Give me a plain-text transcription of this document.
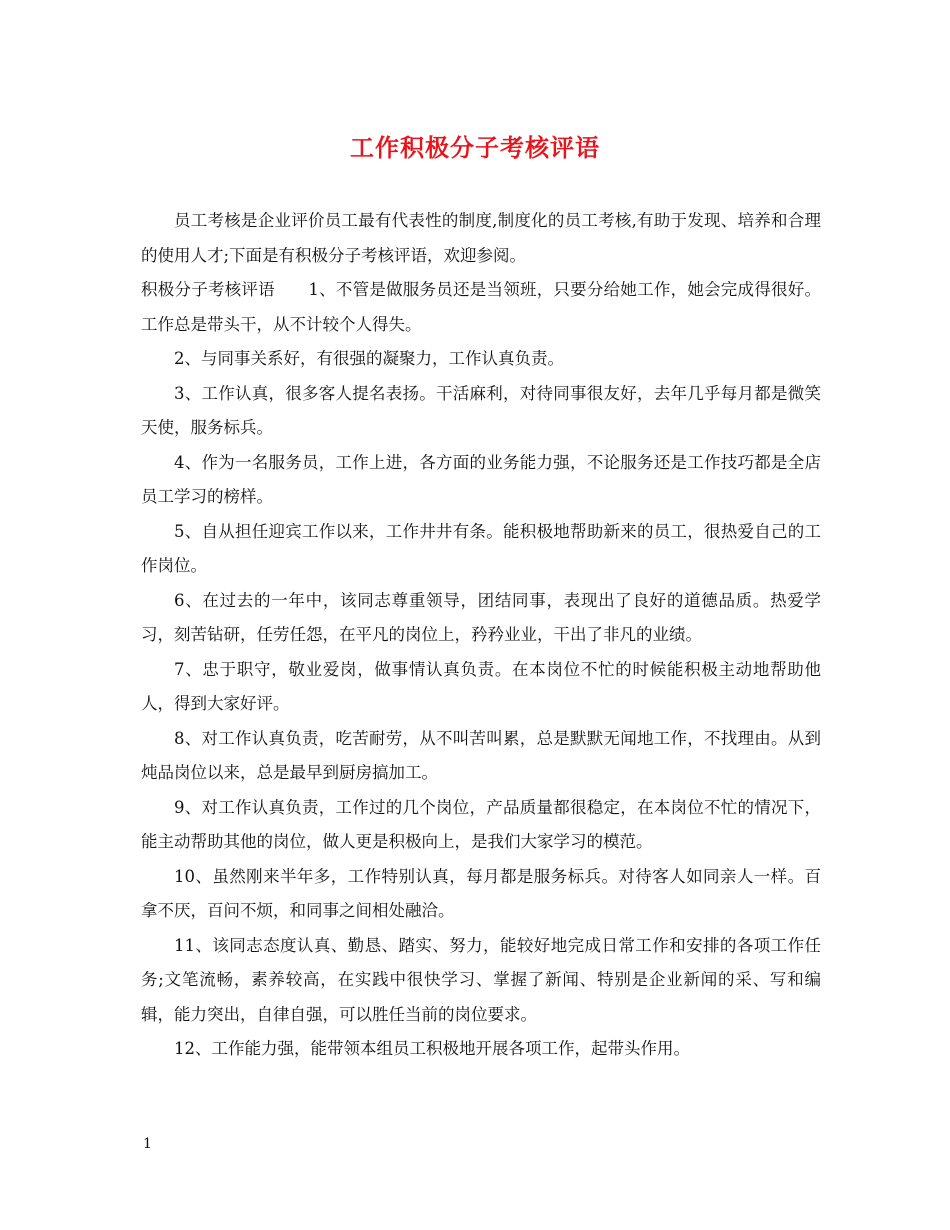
工作积极分子考核评语

员工考核是企业评价员工最有代表性的制度,制度化的员工考核,有助于发现、培养和合理的使用人才;下面是有积极分子考核评语，欢迎参阅。

积极分子考核评语　　1、不管是做服务员还是当领班，只要分给她工作，她会完成得很好。工作总是带头干，从不计较个人得失。

2、与同事关系好，有很强的凝聚力，工作认真负责。

3、工作认真，很多客人提名表扬。干活麻利，对待同事很友好，去年几乎每月都是微笑天使，服务标兵。

4、作为一名服务员，工作上进，各方面的业务能力强，不论服务还是工作技巧都是全店员工学习的榜样。

5、自从担任迎宾工作以来，工作井井有条。能积极地帮助新来的员工，很热爱自己的工作岗位。

6、在过去的一年中，该同志尊重领导，团结同事，表现出了良好的道德品质。热爱学习，刻苦钻研，任劳任怨，在平凡的岗位上，矜矜业业，干出了非凡的业绩。

7、忠于职守，敬业爱岗，做事情认真负责。在本岗位不忙的时候能积极主动地帮助他人，得到大家好评。

8、对工作认真负责，吃苦耐劳，从不叫苦叫累，总是默默无闻地工作，不找理由。从到炖品岗位以来，总是最早到厨房搞加工。

9、对工作认真负责，工作过的几个岗位，产品质量都很稳定，在本岗位不忙的情况下，能主动帮助其他的岗位，做人更是积极向上，是我们大家学习的模范。

10、虽然刚来半年多，工作特别认真，每月都是服务标兵。对待客人如同亲人一样。百拿不厌，百问不烦，和同事之间相处融洽。

11、该同志态度认真、勤恳、踏实、努力，能较好地完成日常工作和安排的各项工作任务;文笔流畅，素养较高，在实践中很快学习、掌握了新闻、特别是企业新闻的采、写和编辑，能力突出，自律自强，可以胜任当前的岗位要求。

12、工作能力强，能带领本组员工积极地开展各项工作，起带头作用。

1
